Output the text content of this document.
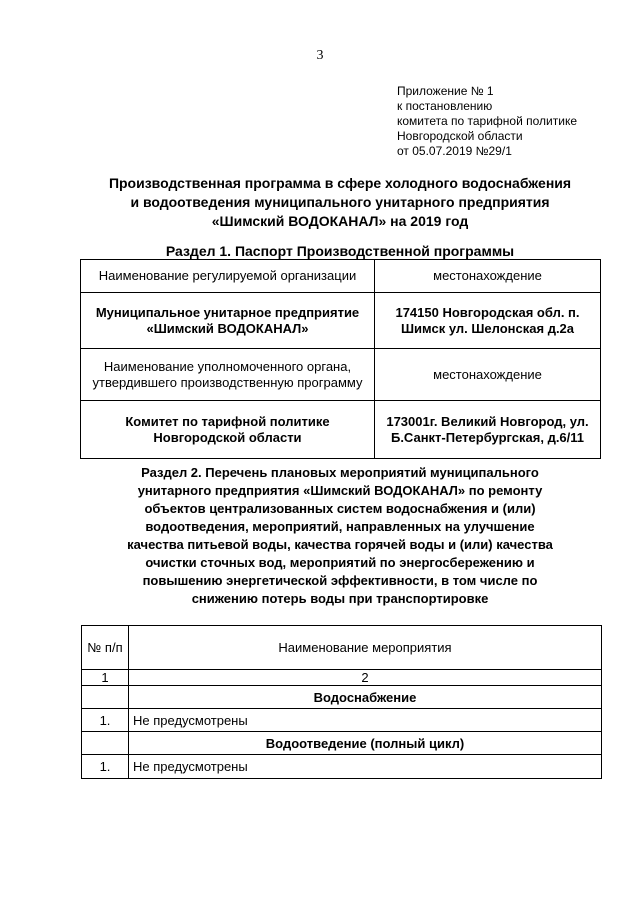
3
Приложение № 1
к постановлению
комитета по тарифной политике
Новгородской области
от 05.07.2019 №29/1
Производственная программа в сфере холодного водоснабжения
и водоотведения муниципального унитарного предприятия
«Шимский ВОДОКАНАЛ» на 2019 год
Раздел 1. Паспорт Производственной программы
Наименование регулируемой организации	местонахождение
Муниципальное унитарное предприятие «Шимский ВОДОКАНАЛ»	174150 Новгородская обл. п. Шимск ул. Шелонская д.2а
Наименование уполномоченного органа, утвердившего производственную программу	местонахождение
Комитет по тарифной политике Новгородской области	173001г. Великий Новгород, ул. Б.Санкт-Петербургская, д.6/11
Раздел 2. Перечень плановых мероприятий муниципального
унитарного предприятия «Шимский ВОДОКАНАЛ» по ремонту
объектов централизованных систем водоснабжения и (или)
водоотведения, мероприятий, направленных на улучшение
качества питьевой воды, качества горячей воды и (или) качества
очистки сточных вод, мероприятий по энергосбережению и
повышению энергетической эффективности, в том числе по
снижению потерь воды при транспортировке
№ п/п	Наименование мероприятия
1	2
	Водоснабжение
1.	Не предусмотрены
	Водоотведение (полный цикл)
1.	Не предусмотрены
